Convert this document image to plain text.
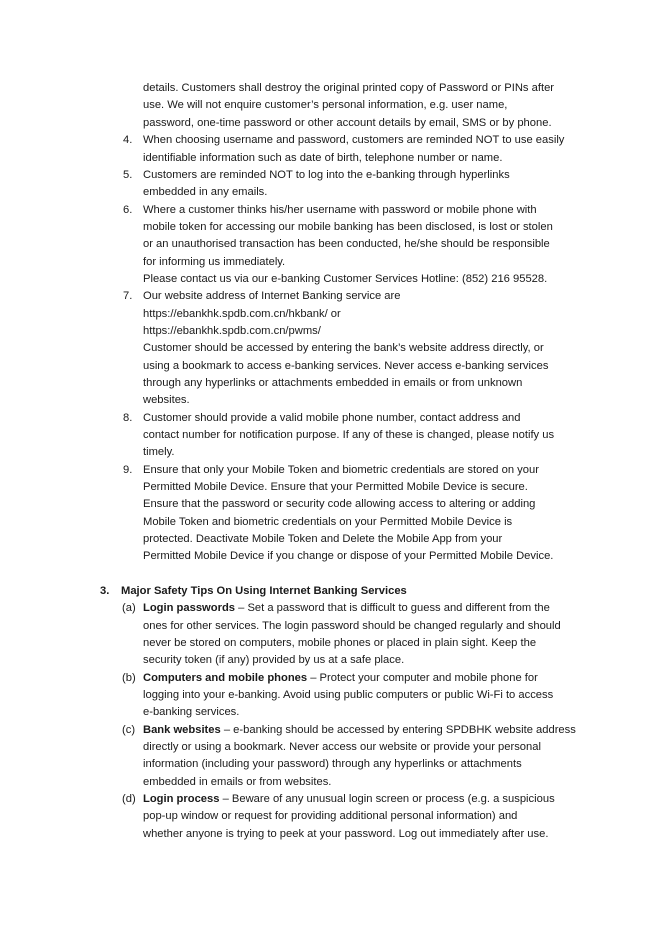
details. Customers shall destroy the original printed copy of Password or PINs after
use. We will not enquire customer’s personal information, e.g. user name,
password, one-time password or other account details by email, SMS or by phone.
4. When choosing username and password, customers are reminded NOT to use easily
identifiable information such as date of birth, telephone number or name.
5. Customers are reminded NOT to log into the e-banking through hyperlinks
embedded in any emails.
6. Where a customer thinks his/her username with password or mobile phone with
mobile token for accessing our mobile banking has been disclosed, is lost or stolen
or an unauthorised transaction has been conducted, he/she should be responsible
for informing us immediately.
Please contact us via our e-banking Customer Services Hotline: (852) 216 95528.
7. Our website address of Internet Banking service are
https://ebankhk.spdb.com.cn/hkbank/ or
https://ebankhk.spdb.com.cn/pwms/
Customer should be accessed by entering the bank’s website address directly, or
using a bookmark to access e-banking services. Never access e-banking services
through any hyperlinks or attachments embedded in emails or from unknown
websites.
8. Customer should provide a valid mobile phone number, contact address and
contact number for notification purpose. If any of these is changed, please notify us
timely.
9. Ensure that only your Mobile Token and biometric credentials are stored on your
Permitted Mobile Device. Ensure that your Permitted Mobile Device is secure.
Ensure that the password or security code allowing access to altering or adding
Mobile Token and biometric credentials on your Permitted Mobile Device is
protected. Deactivate Mobile Token and Delete the Mobile App from your
Permitted Mobile Device if you change or dispose of your Permitted Mobile Device.
3. Major Safety Tips On Using Internet Banking Services
(a) Login passwords – Set a password that is difficult to guess and different from the
ones for other services. The login password should be changed regularly and should
never be stored on computers, mobile phones or placed in plain sight. Keep the
security token (if any) provided by us at a safe place.
(b) Computers and mobile phones – Protect your computer and mobile phone for
logging into your e-banking. Avoid using public computers or public Wi-Fi to access
e-banking services.
(c) Bank websites – e-banking should be accessed by entering SPDBHK website address
directly or using a bookmark. Never access our website or provide your personal
information (including your password) through any hyperlinks or attachments
embedded in emails or from websites.
(d) Login process – Beware of any unusual login screen or process (e.g. a suspicious
pop-up window or request for providing additional personal information) and
whether anyone is trying to peek at your password. Log out immediately after use.
